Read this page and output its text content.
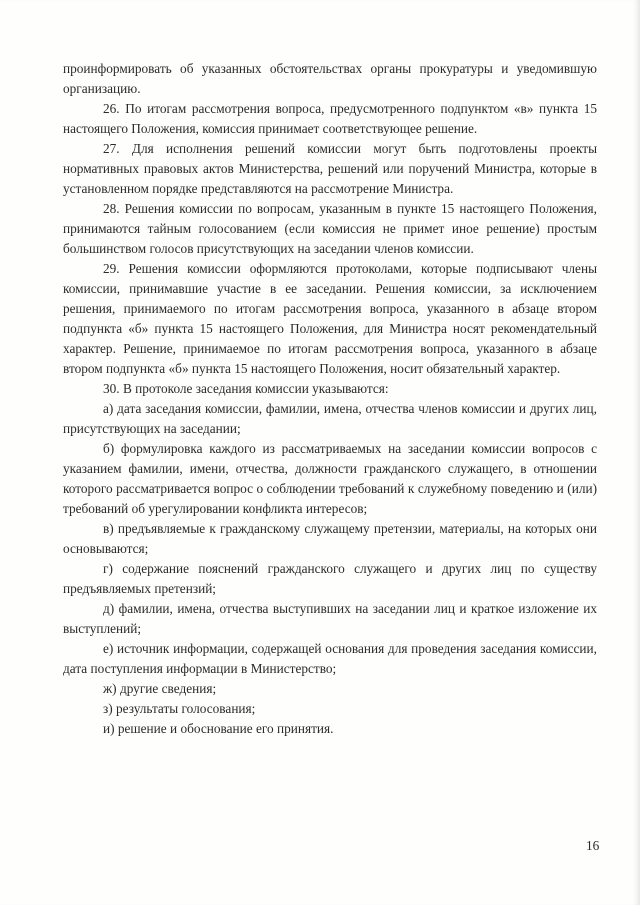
проинформировать об указанных обстоятельствах органы прокуратуры и уведомившую организацию.

26. По итогам рассмотрения вопроса, предусмотренного подпунктом «в» пункта 15 настоящего Положения, комиссия принимает соответствующее решение.

27. Для исполнения решений комиссии могут быть подготовлены проекты нормативных правовых актов Министерства, решений или поручений Министра, которые в установленном порядке представляются на рассмотрение Министра.

28. Решения комиссии по вопросам, указанным в пункте 15 настоящего Положения, принимаются тайным голосованием (если комиссия не примет иное решение) простым большинством голосов присутствующих на заседании членов комиссии.

29. Решения комиссии оформляются протоколами, которые подписывают члены комиссии, принимавшие участие в ее заседании. Решения комиссии, за исключением решения, принимаемого по итогам рассмотрения вопроса, указанного в абзаце втором подпункта «б» пункта 15 настоящего Положения, для Министра носят рекомендательный характер. Решение, принимаемое по итогам рассмотрения вопроса, указанного в абзаце втором подпункта «б» пункта 15 настоящего Положения, носит обязательный характер.

30. В протоколе заседания комиссии указываются:

а) дата заседания комиссии, фамилии, имена, отчества членов комиссии и других лиц, присутствующих на заседании;

б) формулировка каждого из рассматриваемых на заседании комиссии вопросов с указанием фамилии, имени, отчества, должности гражданского служащего, в отношении которого рассматривается вопрос о соблюдении требований к служебному поведению и (или) требований об урегулировании конфликта интересов;

в) предъявляемые к гражданскому служащему претензии, материалы, на которых они основываются;

г) содержание пояснений гражданского служащего и других лиц по существу предъявляемых претензий;

д) фамилии, имена, отчества выступивших на заседании лиц и краткое изложение их выступлений;

е) источник информации, содержащей основания для проведения заседания комиссии, дата поступления информации в Министерство;

ж) другие сведения;

з) результаты голосования;

и) решение и обоснование его принятия.

16
